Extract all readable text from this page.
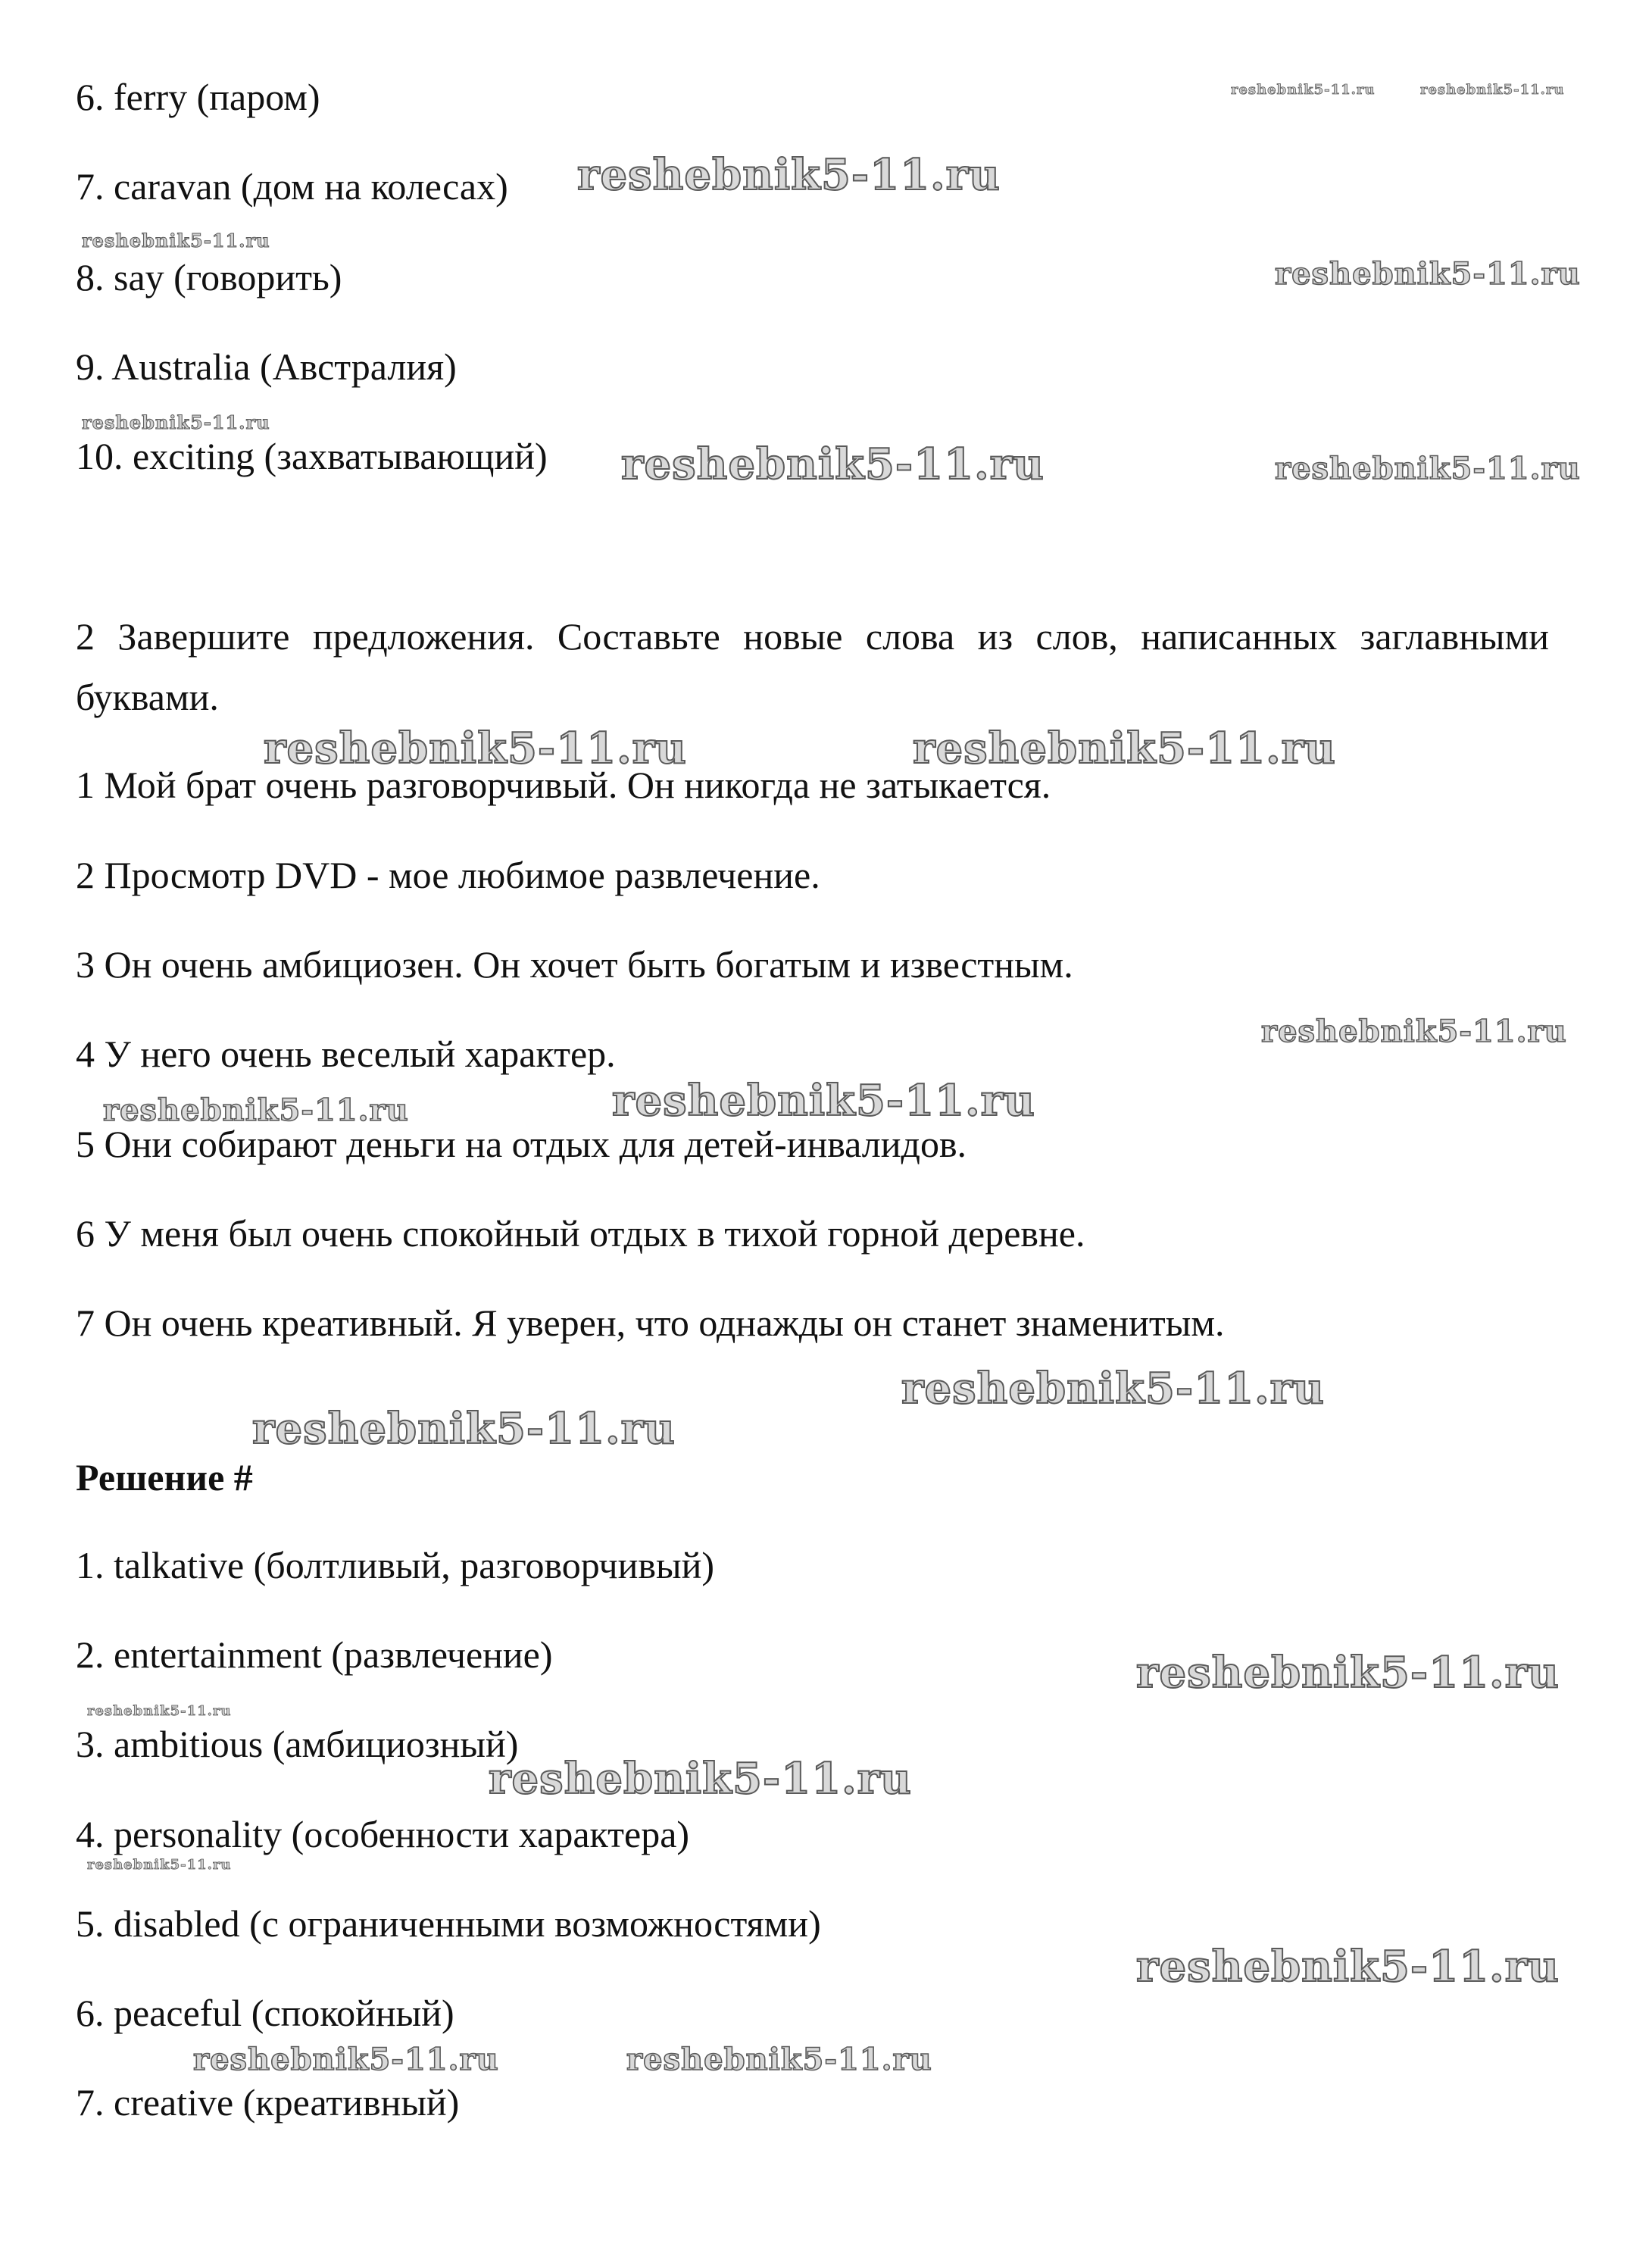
6. ferry (паром)
7. caravan (дом на колесах)
8. say (говорить)
9. Australia (Австралия)
10. exciting (захватывающий)
2 Завершите предложения. Составьте новые слова из слов, написанных заглавными буквами.
1 Мой брат очень разговорчивый. Он никогда не затыкается.
2 Просмотр DVD - мое любимое развлечение.
3 Он очень амбициозен. Он хочет быть богатым и известным.
4 У него очень веселый характер.
5 Они собирают деньги на отдых для детей-инвалидов.
6 У меня был очень спокойный отдых в тихой горной деревне.
7 Он очень креативный. Я уверен, что однажды он станет знаменитым.
Решение #
1. talkative (болтливый, разговорчивый)
2. entertainment (развлечение)
3. ambitious (амбициозный)
4. personality (особенности характера)
5. disabled (с ограниченными возможностями)
6. peaceful (спокойный)
7. creative (креативный)
reshebnik5-11.ru	reshebnik5-11.ru
reshebnik5-11.ru
reshebnik5-11.ru
reshebnik5-11.ru
reshebnik5-11.ru
reshebnik5-11.ru	reshebnik5-11.ru
reshebnik5-11.ru	reshebnik5-11.ru
reshebnik5-11.ru
reshebnik5-11.ru	reshebnik5-11.ru
reshebnik5-11.ru
reshebnik5-11.ru
reshebnik5-11.ru
reshebnik5-11.ru
reshebnik5-11.ru
reshebnik5-11.ru
reshebnik5-11.ru
reshebnik5-11.ru	reshebnik5-11.ru
